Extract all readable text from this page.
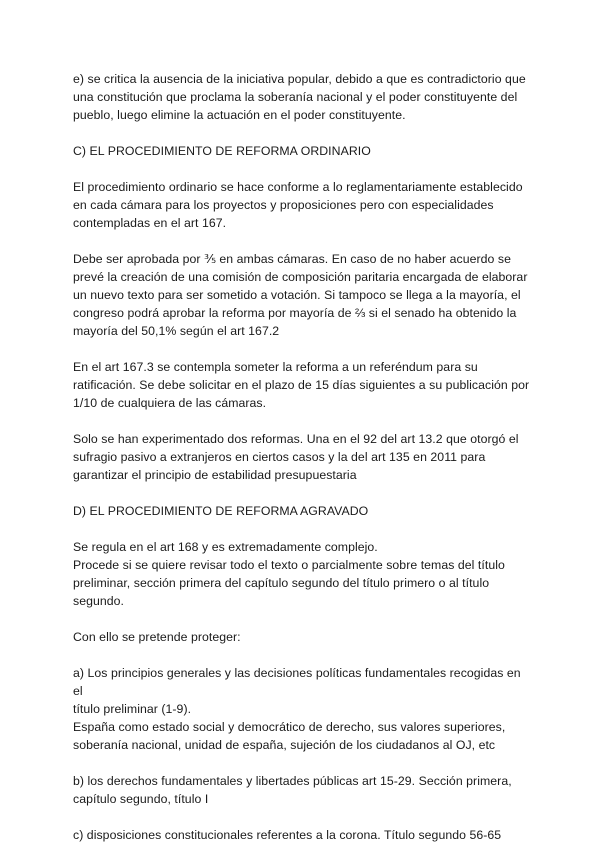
e) se critica la ausencia de la iniciativa popular, debido a que es contradictorio que
una constitución que proclama la soberanía nacional y el poder constituyente del
pueblo, luego elimine la actuación en el poder constituyente.

C) EL PROCEDIMIENTO DE REFORMA ORDINARIO

El procedimiento ordinario se hace conforme a lo reglamentariamente establecido
en cada cámara para los proyectos y proposiciones pero con especialidades
contempladas en el art 167.

Debe ser aprobada por ⅗ en ambas cámaras. En caso de no haber acuerdo se
prevé la creación de una comisión de composición paritaria encargada de elaborar
un nuevo texto para ser sometido a votación. Si tampoco se llega a la mayoría, el
congreso podrá aprobar la reforma por mayoría de ⅔ si el senado ha obtenido la
mayoría del 50,1% según el art 167.2

En el art 167.3 se contempla someter la reforma a un referéndum para su
ratificación. Se debe solicitar en el plazo de 15 días siguientes a su publicación por
1/10 de cualquiera de las cámaras.

Solo se han experimentado dos reformas. Una en el 92 del art 13.2 que otorgó el
sufragio pasivo a extranjeros en ciertos casos y la del art 135 en 2011 para
garantizar el principio de estabilidad presupuestaria

D) EL PROCEDIMIENTO DE REFORMA AGRAVADO

Se regula en el art 168 y es extremadamente complejo.
Procede si se quiere revisar todo el texto o parcialmente sobre temas del título
preliminar, sección primera del capítulo segundo del título primero o al título
segundo.

Con ello se pretende proteger:

a) Los principios generales y las decisiones políticas fundamentales recogidas en el
título preliminar (1-9).
España como estado social y democrático de derecho, sus valores superiores,
soberanía nacional, unidad de españa, sujeción de los ciudadanos al OJ, etc

b) los derechos fundamentales y libertades públicas art 15-29. Sección primera,
capítulo segundo, título I

c) disposiciones constitucionales referentes a la corona. Título segundo 56-65
